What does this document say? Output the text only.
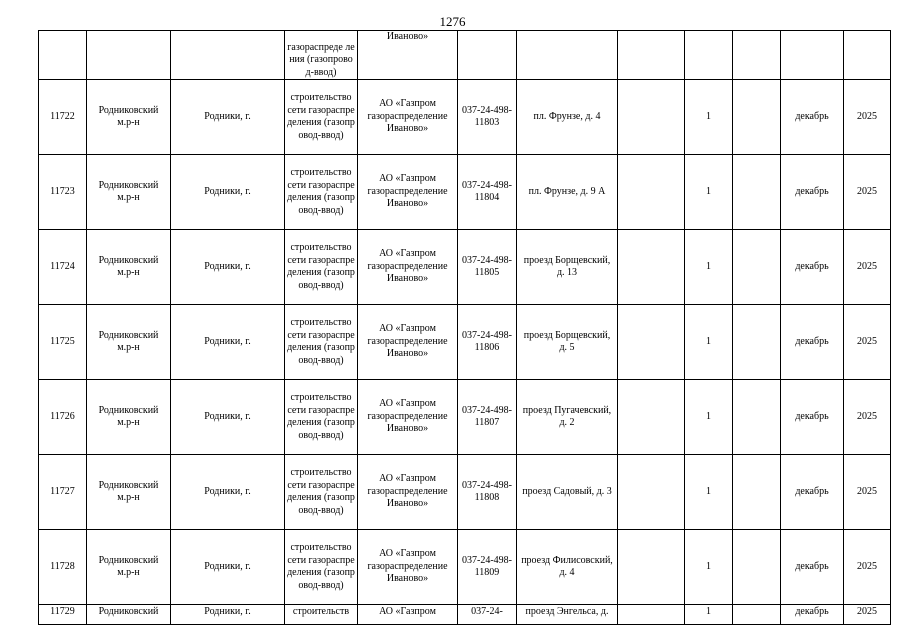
1276
			газораспреде ления (газопровод-ввод)	Иваново»							
11722	Родниковский м.р-н	Родники, г.	строительство сети газораспределения (газопровод-ввод)	АО «Газпром газораспределение Иваново»	037-24-498-11803	пл. Фрунзе, д. 4		1		декабрь	2025
11723	Родниковский м.р-н	Родники, г.	строительство сети газораспределения (газопровод-ввод)	АО «Газпром газораспределение Иваново»	037-24-498-11804	пл. Фрунзе, д. 9 А		1		декабрь	2025
11724	Родниковский м.р-н	Родники, г.	строительство сети газораспределения (газопровод-ввод)	АО «Газпром газораспределение Иваново»	037-24-498-11805	проезд Борщевский, д. 13		1		декабрь	2025
11725	Родниковский м.р-н	Родники, г.	строительство сети газораспределения (газопровод-ввод)	АО «Газпром газораспределение Иваново»	037-24-498-11806	проезд Борщевский, д. 5		1		декабрь	2025
11726	Родниковский м.р-н	Родники, г.	строительство сети газораспределения (газопровод-ввод)	АО «Газпром газораспределение Иваново»	037-24-498-11807	проезд Пугачевский, д. 2		1		декабрь	2025
11727	Родниковский м.р-н	Родники, г.	строительство сети газораспределения (газопровод-ввод)	АО «Газпром газораспределение Иваново»	037-24-498-11808	проезд Садовый, д. 3		1		декабрь	2025
11728	Родниковский м.р-н	Родники, г.	строительство сети газораспределения (газопровод-ввод)	АО «Газпром газораспределение Иваново»	037-24-498-11809	проезд Филисовский, д. 4		1		декабрь	2025
11729	Родниковский	Родники, г.	строительств	АО «Газпром	037-24-	проезд Энгельса, д.		1		декабрь	2025
